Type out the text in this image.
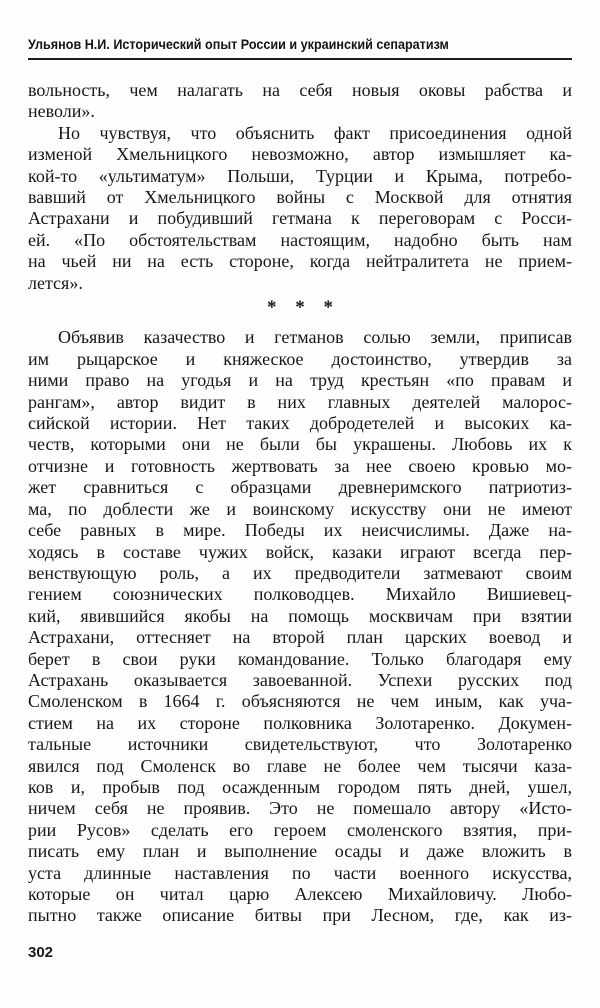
Ульянов Н.И. Исторический опыт России и украинский сепаратизм
вольность, чем налагать на себя новыя оковы рабства и
неволи».
Но чувствуя, что объяснить факт присоединения одной
изменой Хмельницкого невозможно, автор измышляет ка-
кой-то «ультиматум» Польши, Турции и Крыма, потребо-
вавший от Хмельницкого войны с Москвой для отнятия
Астрахани и побудивший гетмана к переговорам с Росси-
ей. «По обстоятельствам настоящим, надобно быть нам
на чьей ни на есть стороне, когда нейтралитета не прием-
лется».
* * *
Объявив казачество и гетманов солью земли, приписав
им рыцарское и княжеское достоинство, утвердив за
ними право на угодья и на труд крестьян «по правам и
рангам», автор видит в них главных деятелей малорос-
сийской истории. Нет таких добродетелей и высоких ка-
честв, которыми они не были бы украшены. Любовь их к
отчизне и готовность жертвовать за нее своею кровью мо-
жет сравниться с образцами древнеримского патриотиз-
ма, по доблести же и воинскому искусству они не имеют
себе равных в мире. Победы их неисчислимы. Даже на-
ходясь в составе чужих войск, казаки играют всегда пер-
венствующую роль, а их предводители затмевают своим
гением союзнических полководцев. Михайло Вишиевец-
кий, явившийся якобы на помощь москвичам при взятии
Астрахани, оттесняет на второй план царских воевод и
берет в свои руки командование. Только благодаря ему
Астрахань оказывается завоеванной. Успехи русских под
Смоленском в 1664 г. объясняются не чем иным, как уча-
стием на их стороне полковника Золотаренко. Докумен-
тальные источники свидетельствуют, что Золотаренко
явился под Смоленск во главе не более чем тысячи каза-
ков и, пробыв под осажденным городом пять дней, ушел,
ничем себя не проявив. Это не помешало автору «Исто-
рии Русов» сделать его героем смоленского взятия, при-
писать ему план и выполнение осады и даже вложить в
уста длинные наставления по части военного искусства,
которые он читал царю Алексею Михайловичу. Любо-
пытно также описание битвы при Лесном, где, как из-
302
